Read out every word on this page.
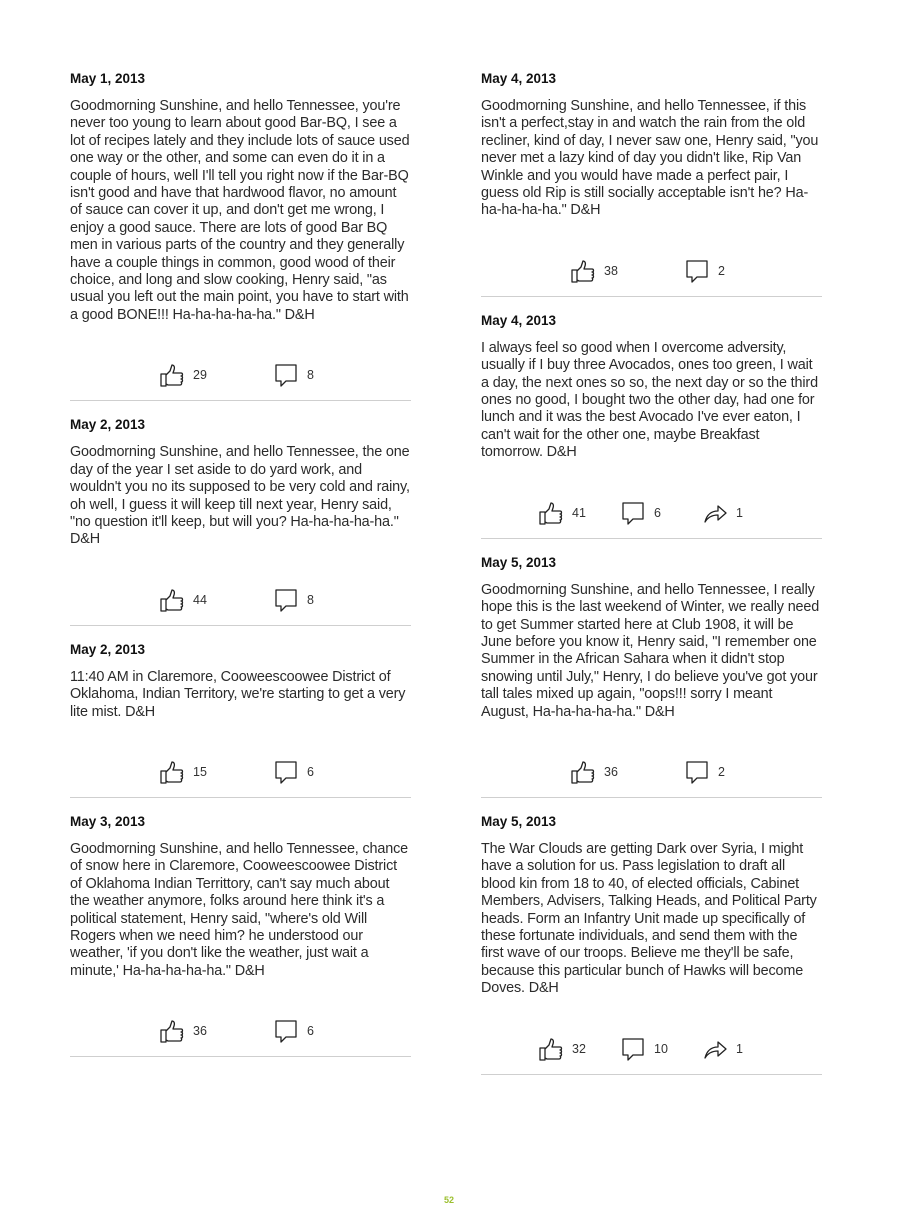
May 1, 2013

Goodmorning Sunshine, and hello Tennessee, you're never too young to learn about good Bar-BQ, I see a lot of recipes lately and they include lots of sauce used one way or the other, and some can even do it in a couple of hours, well I'll tell you right now if the Bar-BQ isn't good and have that hardwood flavor, no amount of sauce can cover it up, and don't get me wrong, I enjoy a good sauce. There are lots of good Bar BQ men in various parts of the country and they generally have a couple things in common, good wood of their choice, and long and slow cooking, Henry said, "as usual you left out the main point, you have to start with a good BONE!!! Ha-ha-ha-ha-ha." D&H

29	8

May 2, 2013

Goodmorning Sunshine, and hello Tennessee, the one day of the year I set aside to do yard work, and wouldn't you no its supposed to be very cold and rainy, oh well, I guess it will keep till next year, Henry said, "no question it'll keep, but will you? Ha-ha-ha-ha-ha." D&H

44	8

May 2, 2013

11:40 AM in Claremore, Cooweescoowee District of Oklahoma, Indian Territory, we're starting to get a very lite mist. D&H

15	6

May 3, 2013

Goodmorning Sunshine, and hello Tennessee, chance of snow here in Claremore, Cooweescoowee District of Oklahoma Indian Territtory, can't say much about the weather anymore, folks around here think it's a political statement, Henry said, "where's old Will Rogers when we need him? he understood our weather, 'if you don't like the weather, just wait a minute,' Ha-ha-ha-ha-ha." D&H

36	6

May 4, 2013

Goodmorning Sunshine, and hello Tennessee, if this isn't a perfect,stay in and watch the rain from the old recliner, kind of day, I never saw one, Henry said, "you never met a lazy kind of day you didn't like, Rip Van Winkle and you would have made a perfect pair, I guess old Rip is still socially acceptable isn't he? Ha-ha-ha-ha-ha." D&H

38	2

May 4, 2013

I always feel so good when I overcome adversity, usually if I buy three Avocados, ones too green, I wait a day, the next ones so so, the next day or so the third ones no good, I bought two the other day, had one for lunch and it was the best Avocado I've ever eaton, I can't wait for the other one, maybe Breakfast tomorrow. D&H

41	6	1

May 5, 2013

Goodmorning Sunshine, and hello Tennessee, I really hope this is the last weekend of Winter, we really need to get Summer started here at Club 1908, it will be June before you know it, Henry said, "I remember one Summer in the African Sahara when it didn't stop snowing until July," Henry, I do believe you've got your tall tales mixed up again, "oops!!! sorry I meant August, Ha-ha-ha-ha-ha." D&H

36	2

May 5, 2013

The War Clouds are getting Dark over Syria, I might have a solution for us. Pass legislation to draft all blood kin from 18 to 40, of elected officials, Cabinet Members, Advisers, Talking Heads, and Political Party heads. Form an Infantry Unit made up specifically of these fortunate individuals, and send them with the first wave of our troops. Believe me they'll be safe, because this particular bunch of Hawks will become Doves. D&H

32	10	1
52
